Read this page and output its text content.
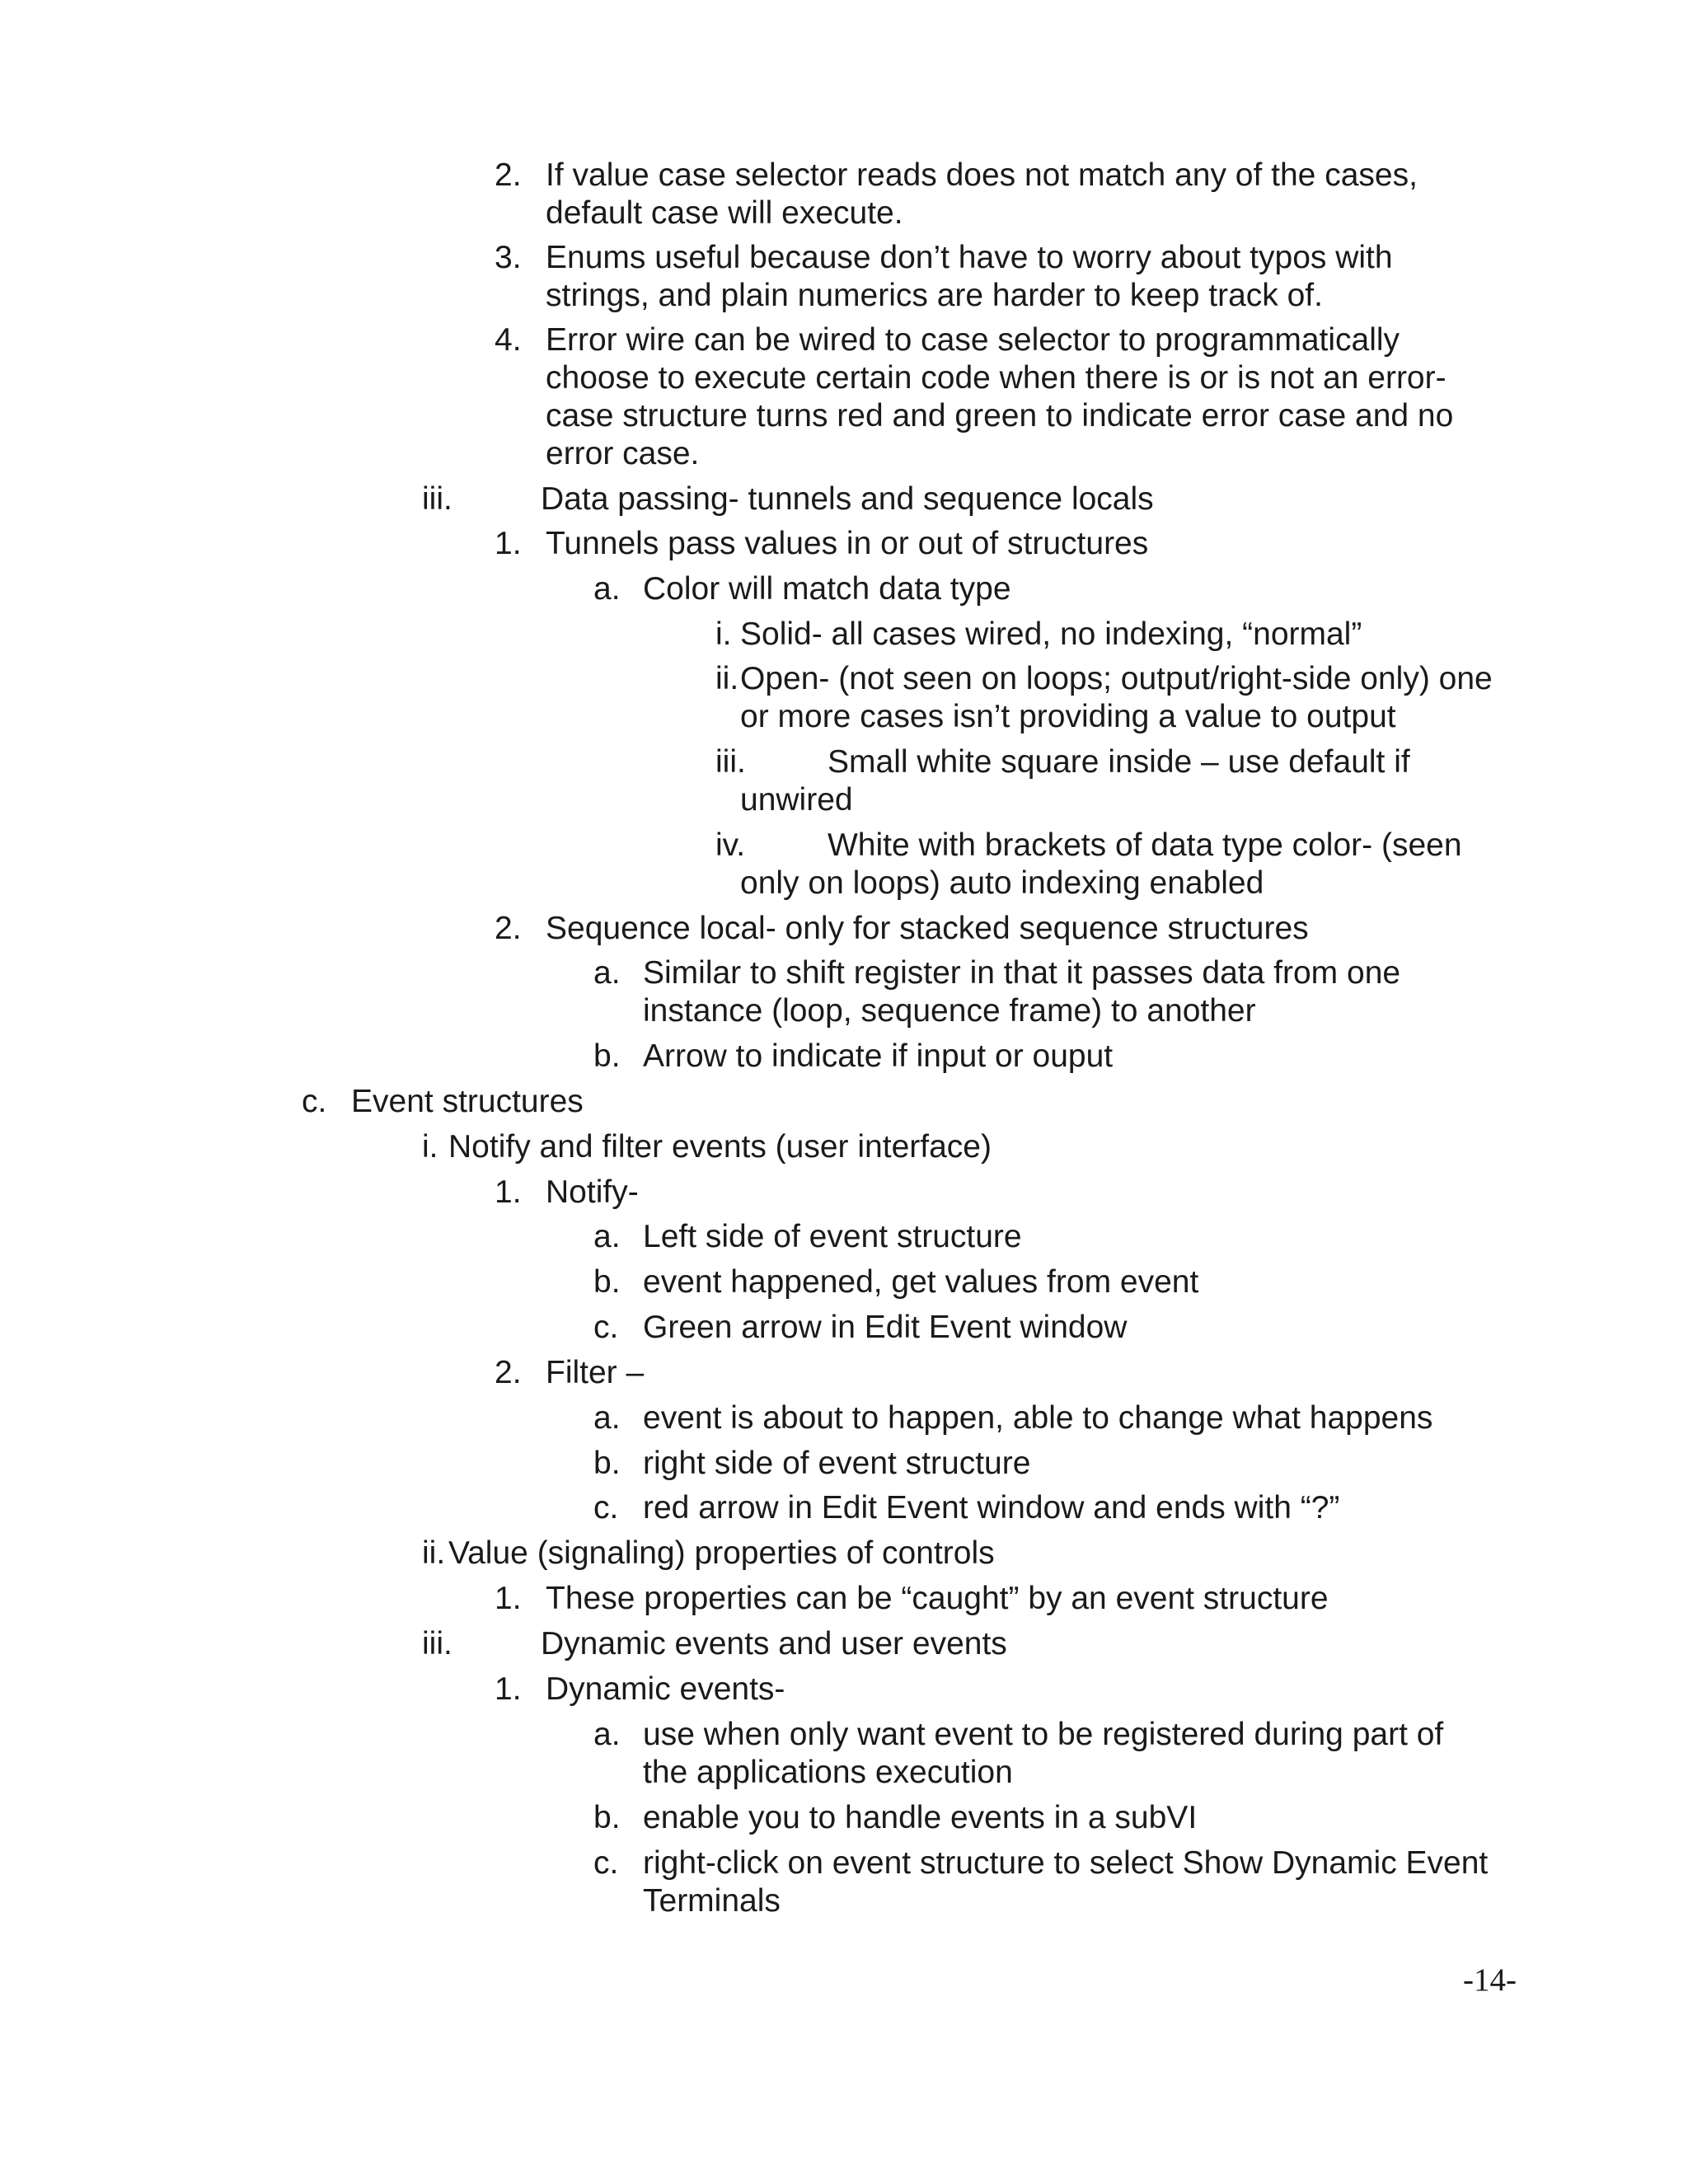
2. If value case selector reads does not match any of the cases,
default case will execute.
3. Enums useful because don’t have to worry about typos with
strings, and plain numerics are harder to keep track of.
4. Error wire can be wired to case selector to programmatically
choose to execute certain code when there is or is not an error-
case structure turns red and green to indicate error case and no
error case.
iii.	Data passing- tunnels and sequence locals
1. Tunnels pass values in or out of structures
a. Color will match data type
i. Solid- all cases wired, no indexing, “normal”
ii. Open- (not seen on loops; output/right-side only) one
or more cases isn’t providing a value to output
iii.	Small white square inside – use default if
unwired
iv.	White with brackets of data type color- (seen
only on loops) auto indexing enabled
2. Sequence local- only for stacked sequence structures
a. Similar to shift register in that it passes data from one
instance (loop, sequence frame) to another
b. Arrow to indicate if input or ouput
c. Event structures
i. Notify and filter events (user interface)
1. Notify-
a. Left side of event structure
b. event happened, get values from event
c. Green arrow in Edit Event window
2. Filter –
a. event is about to happen, able to change what happens
b. right side of event structure
c. red arrow in Edit Event window and ends with “?”
ii. Value (signaling) properties of controls
1. These properties can be “caught” by an event structure
iii.	Dynamic events and user events
1. Dynamic events-
a. use when only want event to be registered during part of
the applications execution
b. enable you to handle events in a subVI
c. right-click on event structure to select Show Dynamic Event
Terminals
-14-
